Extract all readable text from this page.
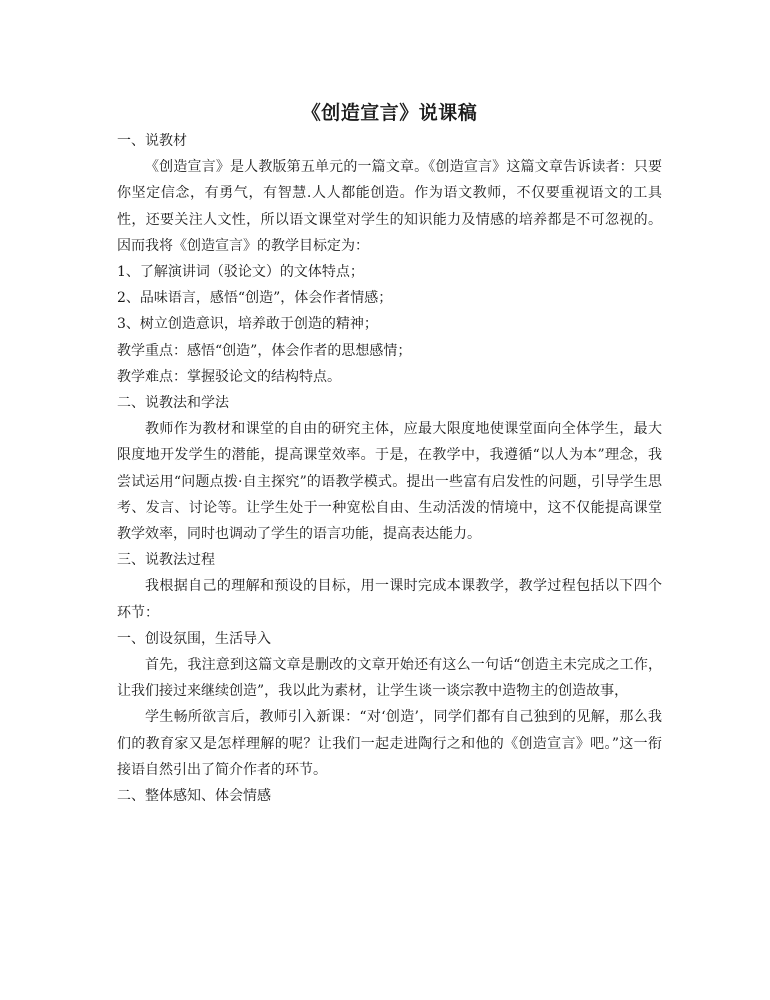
《创造宣言》说课稿

一、说教材

《创造宣言》是人教版第五单元的一篇文章。《创造宣言》这篇文章告诉读者：只要你坚定信念，有勇气，有智慧.人人都能创造。作为语文教师，不仅要重视语文的工具性，还要关注人文性，所以语文课堂对学生的知识能力及情感的培养都是不可忽视的。因而我将《创造宣言》的教学目标定为：

1、了解演讲词（驳论文）的文体特点；

2、品味语言，感悟“创造”，体会作者情感；

3、树立创造意识，培养敢于创造的精神；

教学重点：感悟“创造”，体会作者的思想感情；

教学难点：掌握驳论文的结构特点。

二、说教法和学法

教师作为教材和课堂的自由的研究主体，应最大限度地使课堂面向全体学生，最大限度地开发学生的潜能，提高课堂效率。于是，在教学中，我遵循“以人为本”理念，我尝试运用“问题点拨·自主探究”的语教学模式。提出一些富有启发性的问题，引导学生思考、发言、讨论等。让学生处于一种宽松自由、生动活泼的情境中，这不仅能提高课堂教学效率，同时也调动了学生的语言功能，提高表达能力。

三、说教法过程

我根据自己的理解和预设的目标，用一课时完成本课教学，教学过程包括以下四个环节：

一、创设氛围，生活导入

首先，我注意到这篇文章是删改的文章开始还有这么一句话“创造主未完成之工作，让我们接过来继续创造”，我以此为素材，让学生谈一谈宗教中造物主的创造故事，

学生畅所欲言后，教师引入新课：“对‘创造’，同学们都有自己独到的见解，那么我们的教育家又是怎样理解的呢？让我们一起走进陶行之和他的《创造宣言》吧。”这一衔接语自然引出了简介作者的环节。

二、整体感知、体会情感
